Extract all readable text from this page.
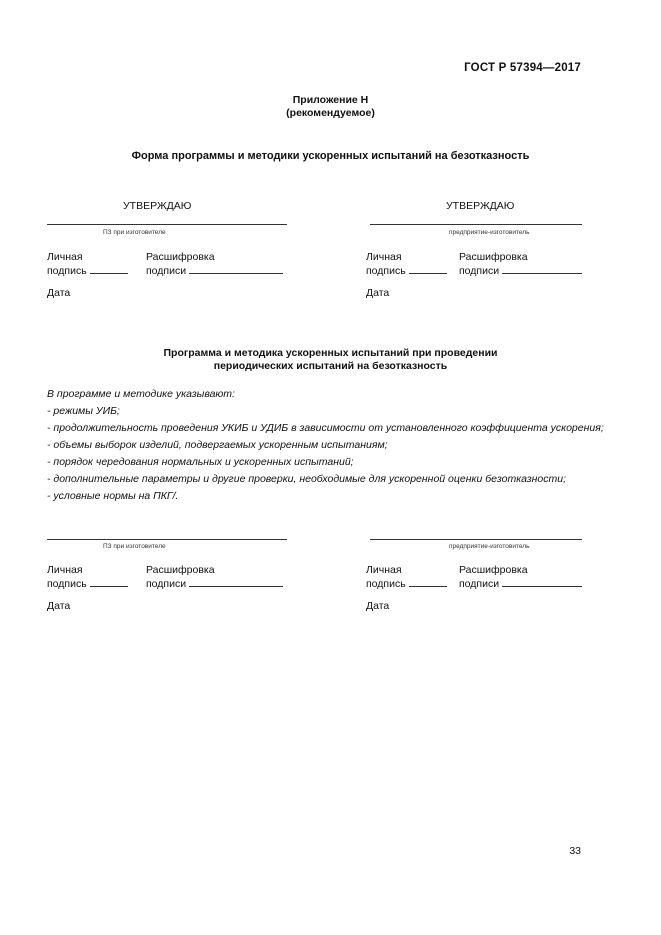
ГОСТ Р 57394—2017
Приложение Н
(рекомендуемое)
Форма программы и методики ускоренных испытаний на безотказность
УТВЕРЖДАЮ
ПЗ при изготовителе
Личная
подпись
Расшифровка
подписи
Дата
УТВЕРЖДАЮ
предприятие-изготовитель
Личная
подпись
Расшифровка
подписи
Дата
Программа и методика ускоренных испытаний при проведении
периодических испытаний на безотказность
В программе и методике указывают:
- режимы УИБ;
- продолжительность проведения УКИБ и УДИБ в зависимости от установленного коэффициента ускорения;
- объемы выборок изделий, подвергаемых ускоренным испытаниям;
- порядок чередования нормальных и ускоренных испытаний;
- дополнительные параметры и другие проверки, необходимые для ускоренной оценки безотказности;
- условные нормы на ПКГ/.
ПЗ при изготовителе
Личная
подпись
Расшифровка
подписи
Дата
предприятие-изготовитель
Личная
подпись
Расшифровка
подписи
Дата
33
